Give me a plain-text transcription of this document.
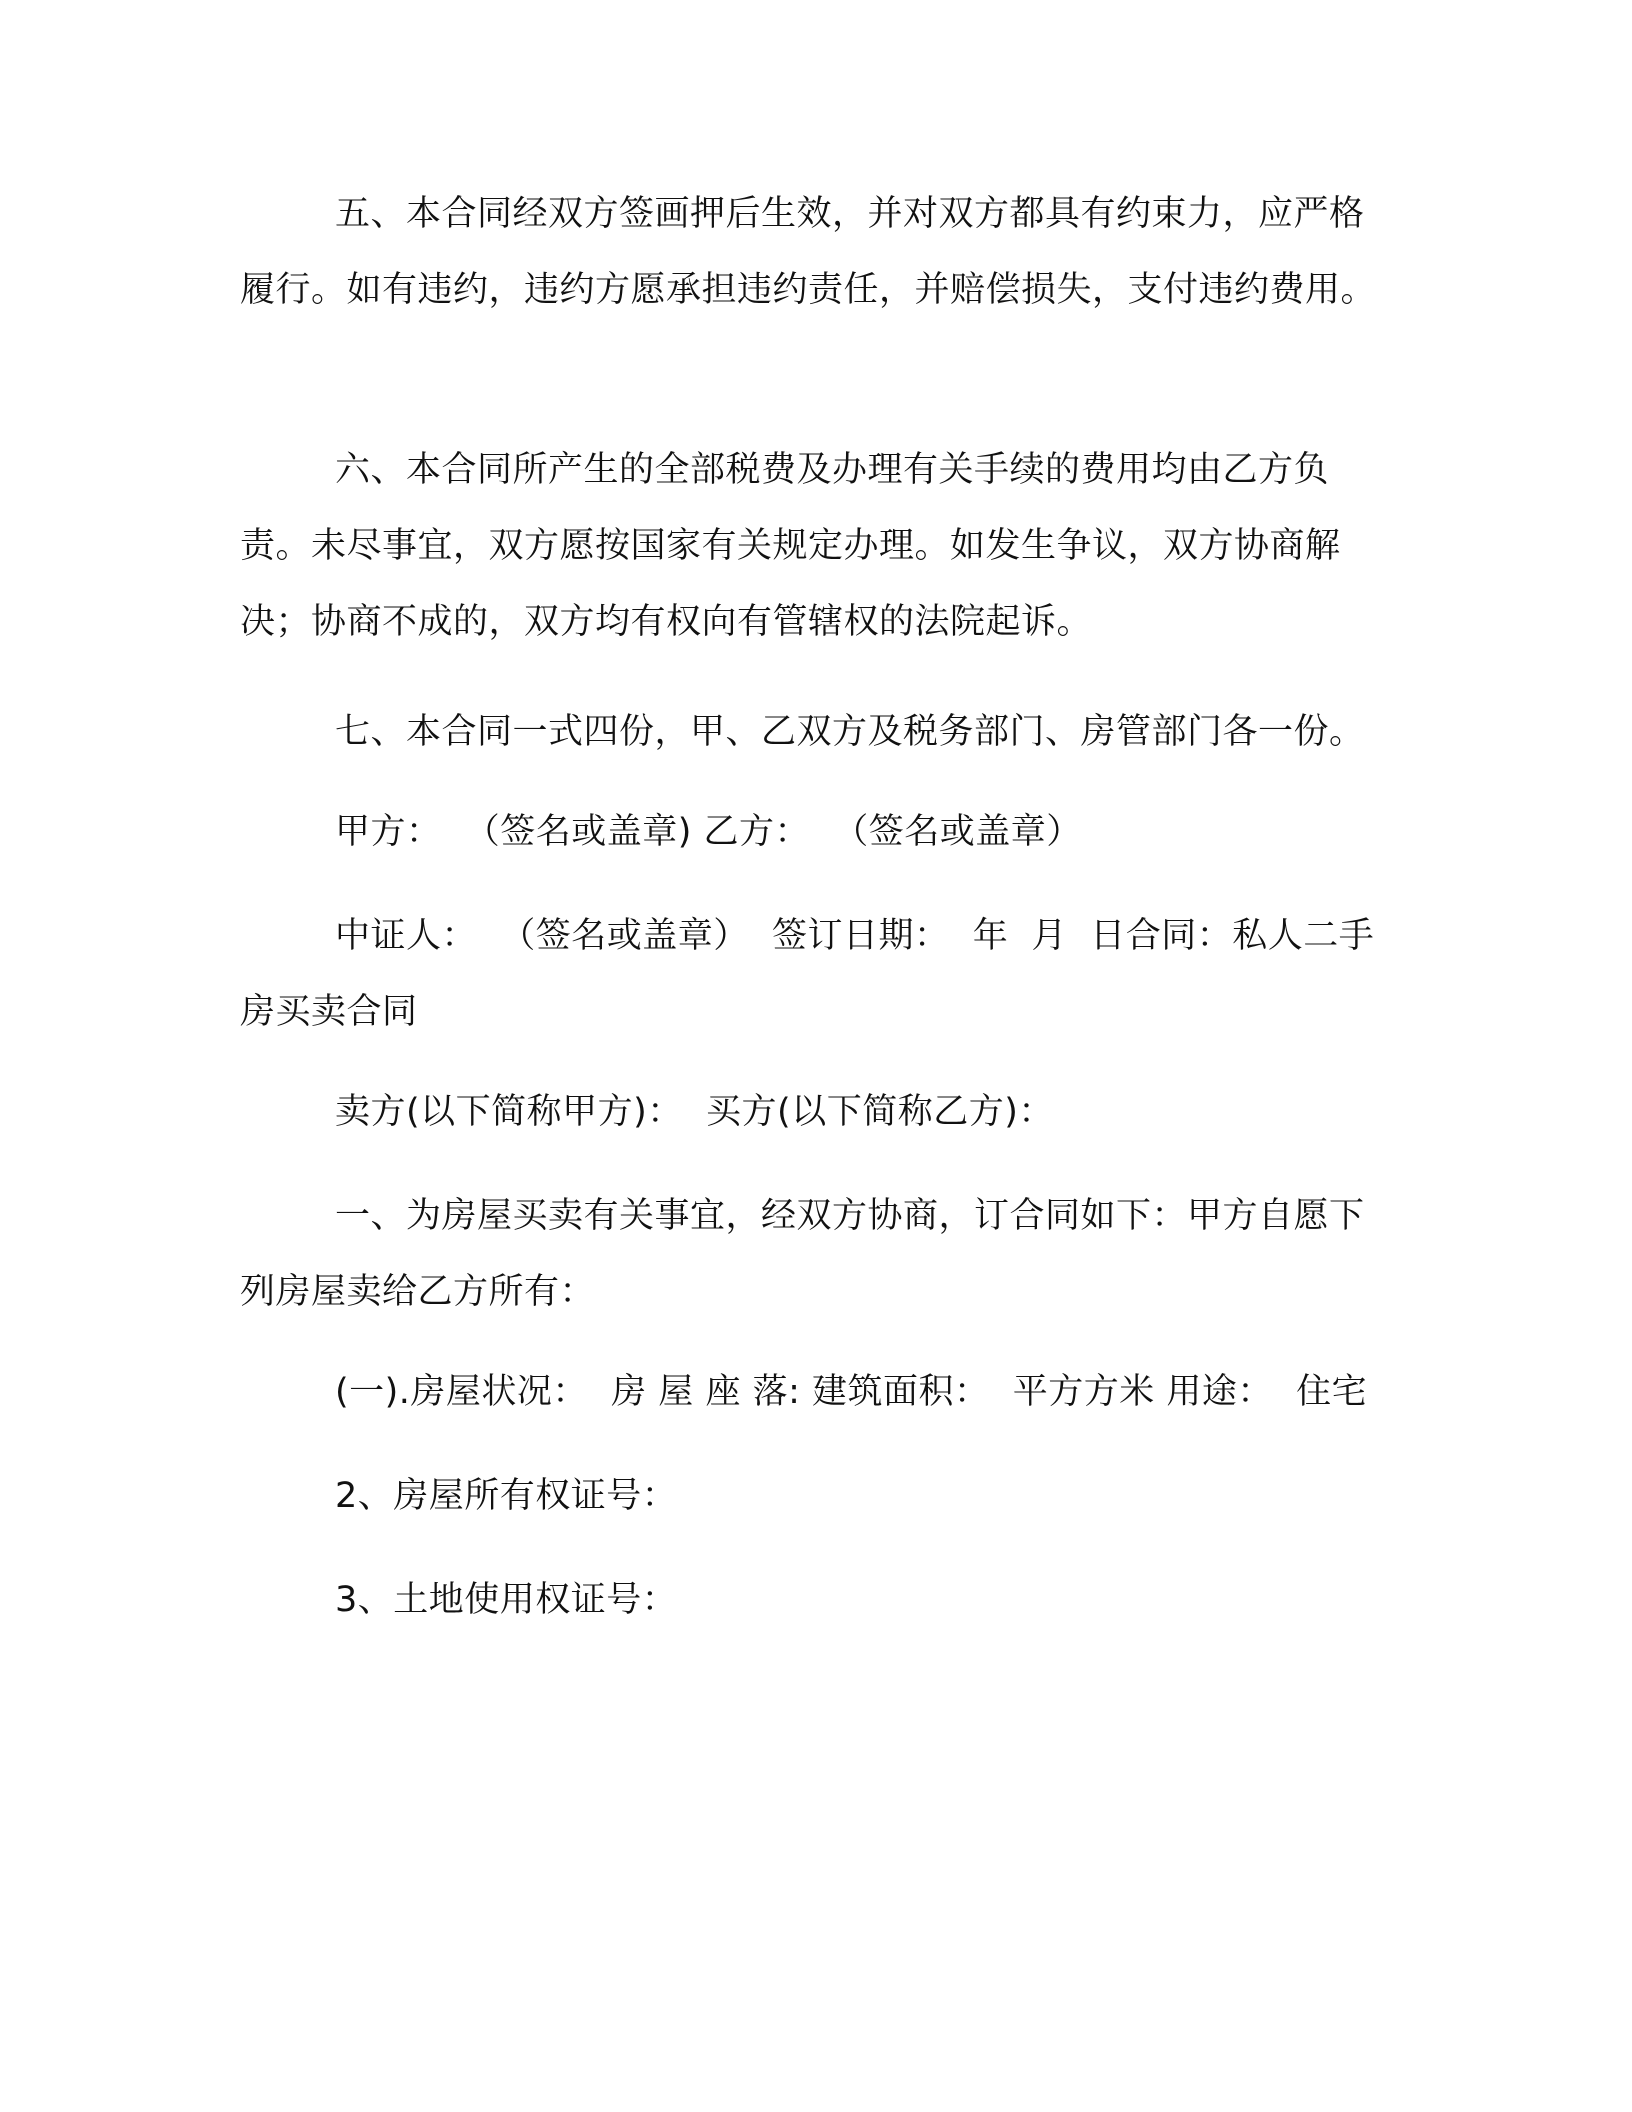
五、本合同经双方签画押后生效，并对双方都具有约束力，应严格履行。如有违约，违约方愿承担违约责任，并赔偿损失，支付违约费用。

六、本合同所产生的全部税费及办理有关手续的费用均由乙方负责。未尽事宜，双方愿按国家有关规定办理。如发生争议，双方协商解决；协商不成的，双方均有权向有管辖权的法院起诉。

七、本合同一式四份，甲、乙双方及税务部门、房管部门各一份。

甲方：  （签名或盖章) 乙方：  （签名或盖章）

中证人：  （签名或盖章）  签订日期：  年  月  日合同：私人二手房买卖合同

卖方(以下简称甲方)：  买方(以下简称乙方)：

一、为房屋买卖有关事宜，经双方协商，订合同如下：甲方自愿下列房屋卖给乙方所有：

(一).房屋状况：  房 屋 座 落: 建筑面积：  平方方米 用途：  住宅

2、房屋所有权证号：

3、土地使用权证号：
